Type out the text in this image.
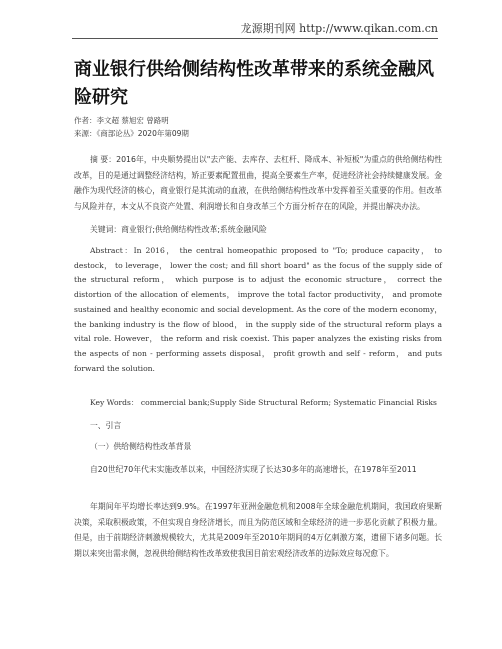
龙源期刊网 http://www.qikan.com.cn
商业银行供给侧结构性改革带来的系统金融风险研究
作者：李文超 蔡旭宏 曾路明
来源：《商部论丛》2020年第09期

摘 要：2016年，中央顺势提出以"去产能、去库存、去杠杆、降成本、补短板"为重点的供给侧结构性改革，目的是通过调整经济结构，矫正要素配置扭曲，提高全要素生产率，促进经济社会持续健康发展。金融作为现代经济的核心，商业银行是其流动的血液，在供给侧结构性改革中发挥着至关重要的作用。但改革与风险并存，本文从不良资产处置、利润增长和自身改革三个方面分析存在的风险，并提出解决办法。

关键词：商业银行;供给侧结构性改革;系统金融风险

Abstract：In 2016， the central homeopathic proposed to "To; produce capacity， to destock， to leverage， lower the cost; and fill short board" as the focus of the supply side of the structural reform， which purpose is to adjust the economic structure， correct the distortion of the allocation of elements， improve the total factor productivity， and promote sustained and healthy economic and social development. As the core of the modern economy， the banking industry is the flow of blood， in the supply side of the structural reform plays a vital role. However， the reform and risk coexist. This paper analyzes the existing risks from the aspects of non - performing assets disposal， profit growth and self - reform， and puts forward the solution.

Key Words： commercial bank;Supply Side Structural Reform; Systematic Financial Risks

一、引言

（一）供给侧结构性改革背景

自20世纪70年代末实施改革以来，中国经济实现了长达30多年的高速增长，在1978年至2011

年期间年平均增长率达到9.9%。在1997年亚洲金融危机和2008年全球金融危机期间，我国政府果断决策，采取积极政策，不但实现自身经济增长，而且为防范区域和全球经济的进一步恶化贡献了积极力量。但是，由于前期经济刺激规模较大，尤其是2009年至2010年期间的4万亿刺激方案，遗留下诸多问题。长期以来突出需求侧，忽视供给侧结构性改革致使我国目前宏观经济改革的边际效应每况愈下。
